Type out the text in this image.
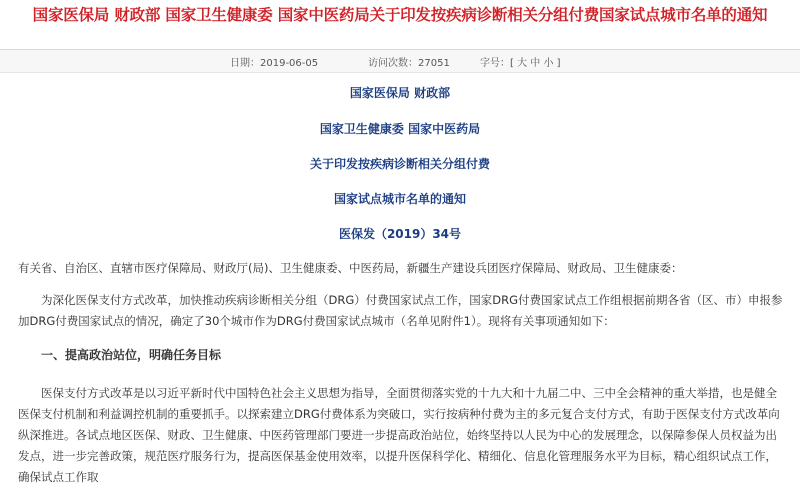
国家医保局 财政部 国家卫生健康委 国家中医药局关于印发按疾病诊断相关分组付费国家试点城市名单的通知
日期：2019-06-05	访问次数：27051	字号：[ 大 中 小 ]
国家医保局 财政部
国家卫生健康委 国家中医药局
关于印发按疾病诊断相关分组付费
国家试点城市名单的通知
医保发（2019）34号
有关省、自治区、直辖市医疗保障局、财政厅(局)、卫生健康委、中医药局，新疆生产建设兵团医疗保障局、财政局、卫生健康委：
为深化医保支付方式改革，加快推动疾病诊断相关分组（DRG）付费国家试点工作，国家DRG付费国家试点工作组根据前期各省（区、市）申报参加DRG付费国家试点的情况，确定了30个城市作为DRG付费国家试点城市（名单见附件1）。现将有关事项通知如下：
一、提高政治站位，明确任务目标
医保支付方式改革是以习近平新时代中国特色社会主义思想为指导，全面贯彻落实党的十九大和十九届二中、三中全会精神的重大举措，也是健全医保支付机制和利益调控机制的重要抓手。以探索建立DRG付费体系为突破口，实行按病种付费为主的多元复合支付方式，有助于医保支付方式改革向纵深推进。各试点地区医保、财政、卫生健康、中医药管理部门要进一步提高政治站位，始终坚持以人民为中心的发展理念，以保障参保人员权益为出发点，进一步完善政策，规范医疗服务行为，提高医保基金使用效率，以提升医保科学化、精细化、信息化管理服务水平为目标，精心组织试点工作，确保试点工作取
